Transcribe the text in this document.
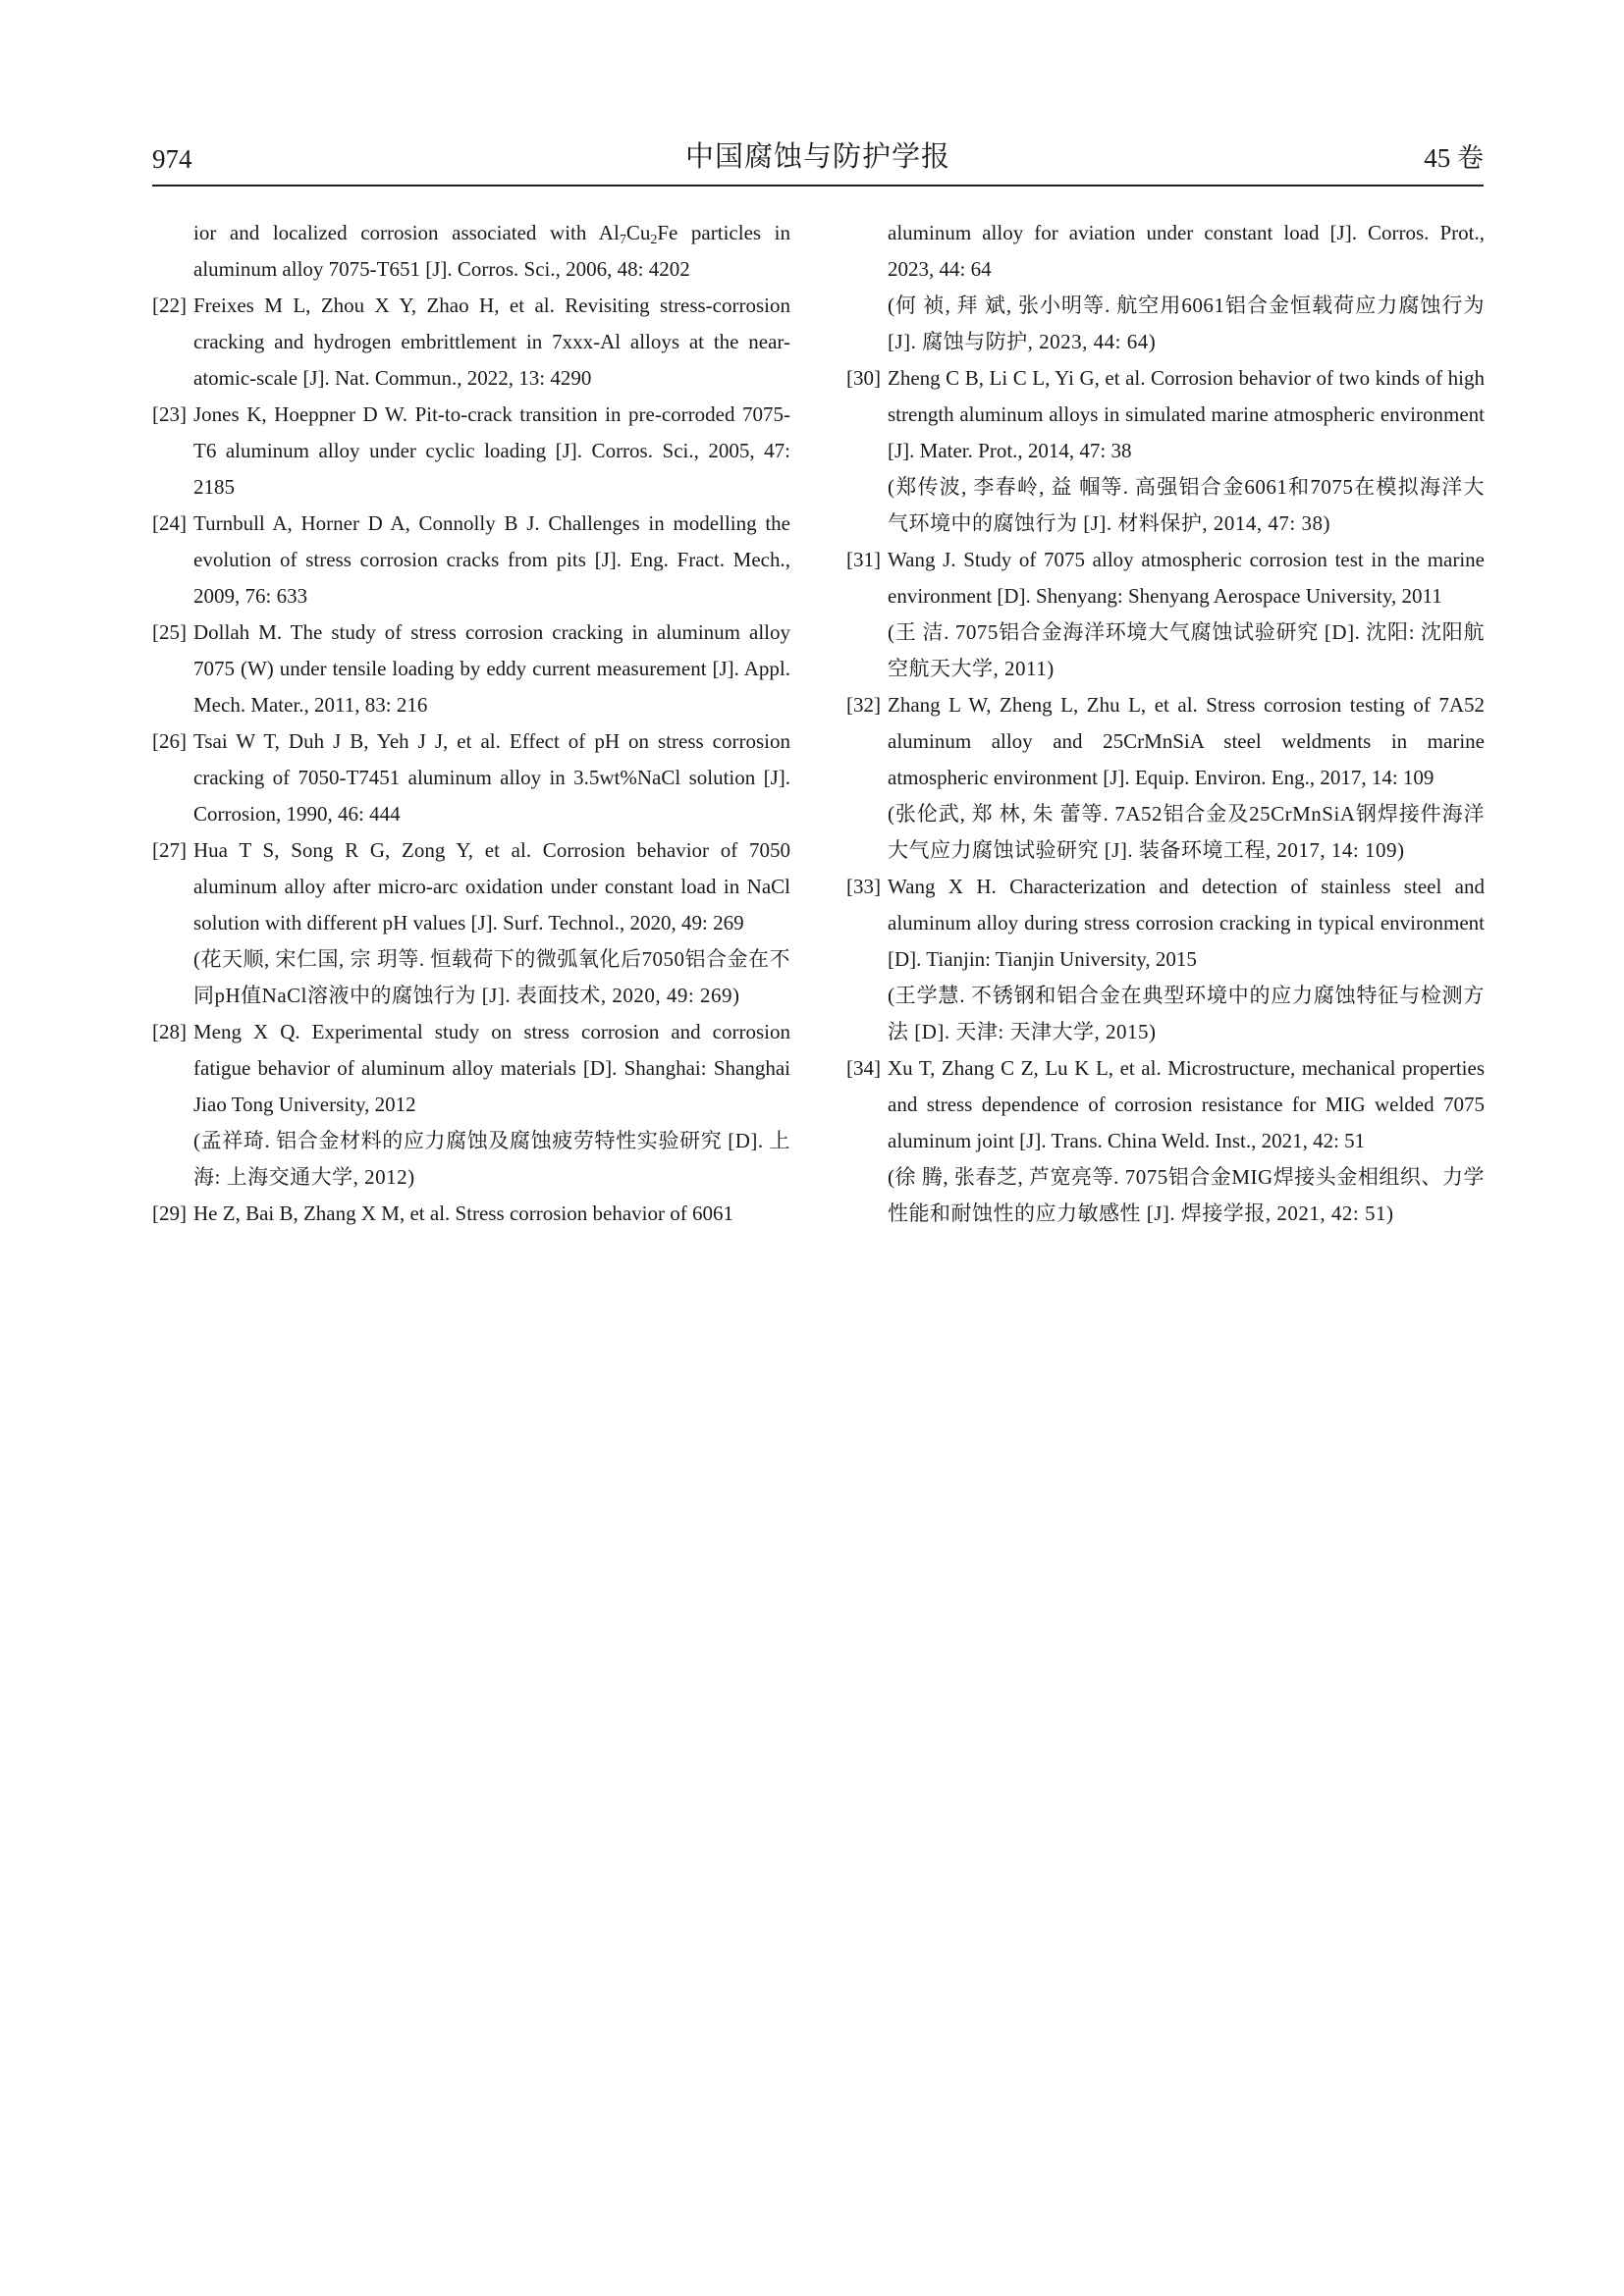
974	中国腐蚀与防护学报	45 卷
ior and localized corrosion associated with $Al_7Cu_2Fe$ particles in aluminum alloy 7075-T651 [J]. Corros. Sci., 2006, 48: 4202
[22] Freixes M L, Zhou X Y, Zhao H, et al. Revisiting stress-corrosion cracking and hydrogen embrittlement in 7xxx-Al alloys at the near-atomic-scale [J]. Nat. Commun., 2022, 13: 4290
[23] Jones K, Hoeppner D W. Pit-to-crack transition in pre-corroded 7075-T6 aluminum alloy under cyclic loading [J]. Corros. Sci., 2005, 47: 2185
[24] Turnbull A, Horner D A, Connolly B J. Challenges in modelling the evolution of stress corrosion cracks from pits [J]. Eng. Fract. Mech., 2009, 76: 633
[25] Dollah M. The study of stress corrosion cracking in aluminum alloy 7075 (W) under tensile loading by eddy current measurement [J]. Appl. Mech. Mater., 2011, 83: 216
[26] Tsai W T, Duh J B, Yeh J J, et al. Effect of pH on stress corrosion cracking of 7050-T7451 aluminum alloy in 3.5wt%NaCl solution [J]. Corrosion, 1990, 46: 444
[27] Hua T S, Song R G, Zong Y, et al. Corrosion behavior of 7050 aluminum alloy after micro-arc oxidation under constant load in NaCl solution with different pH values [J]. Surf. Technol., 2020, 49: 269
(花天顺, 宋仁国, 宗 玥等. 恒载荷下的微弧氧化后7050铝合金在不同pH值NaCl溶液中的腐蚀行为 [J]. 表面技术, 2020, 49: 269)
[28] Meng X Q. Experimental study on stress corrosion and corrosion fatigue behavior of aluminum alloy materials [D]. Shanghai: Shanghai Jiao Tong University, 2012
(孟祥琦. 铝合金材料的应力腐蚀及腐蚀疲劳特性实验研究 [D]. 上海: 上海交通大学, 2012)
[29] He Z, Bai B, Zhang X M, et al. Stress corrosion behavior of 6061
aluminum alloy for aviation under constant load [J]. Corros. Prot., 2023, 44: 64
(何 祯, 拜 斌, 张小明等. 航空用6061铝合金恒载荷应力腐蚀行为 [J]. 腐蚀与防护, 2023, 44: 64)
[30] Zheng C B, Li C L, Yi G, et al. Corrosion behavior of two kinds of high strength aluminum alloys in simulated marine atmospheric environment [J]. Mater. Prot., 2014, 47: 38
(郑传波, 李春岭, 益 帼等. 高强铝合金6061和7075在模拟海洋大气环境中的腐蚀行为 [J]. 材料保护, 2014, 47: 38)
[31] Wang J. Study of 7075 alloy atmospheric corrosion test in the marine environment [D]. Shenyang: Shenyang Aerospace University, 2011
(王 洁. 7075铝合金海洋环境大气腐蚀试验研究 [D]. 沈阳: 沈阳航空航天大学, 2011)
[32] Zhang L W, Zheng L, Zhu L, et al. Stress corrosion testing of 7A52 aluminum alloy and 25CrMnSiA steel weldments in marine atmospheric environment [J]. Equip. Environ. Eng., 2017, 14: 109
(张伦武, 郑 林, 朱 蕾等. 7A52铝合金及25CrMnSiA钢焊接件海洋大气应力腐蚀试验研究 [J]. 装备环境工程, 2017, 14: 109)
[33] Wang X H. Characterization and detection of stainless steel and aluminum alloy during stress corrosion cracking in typical environment [D]. Tianjin: Tianjin University, 2015
(王学慧. 不锈钢和铝合金在典型环境中的应力腐蚀特征与检测方法 [D]. 天津: 天津大学, 2015)
[34] Xu T, Zhang C Z, Lu K L, et al. Microstructure, mechanical properties and stress dependence of corrosion resistance for MIG welded 7075 aluminum joint [J]. Trans. China Weld. Inst., 2021, 42: 51
(徐 腾, 张春芝, 芦宽亮等. 7075铝合金MIG焊接头金相组织、力学性能和耐蚀性的应力敏感性 [J]. 焊接学报, 2021, 42: 51)
